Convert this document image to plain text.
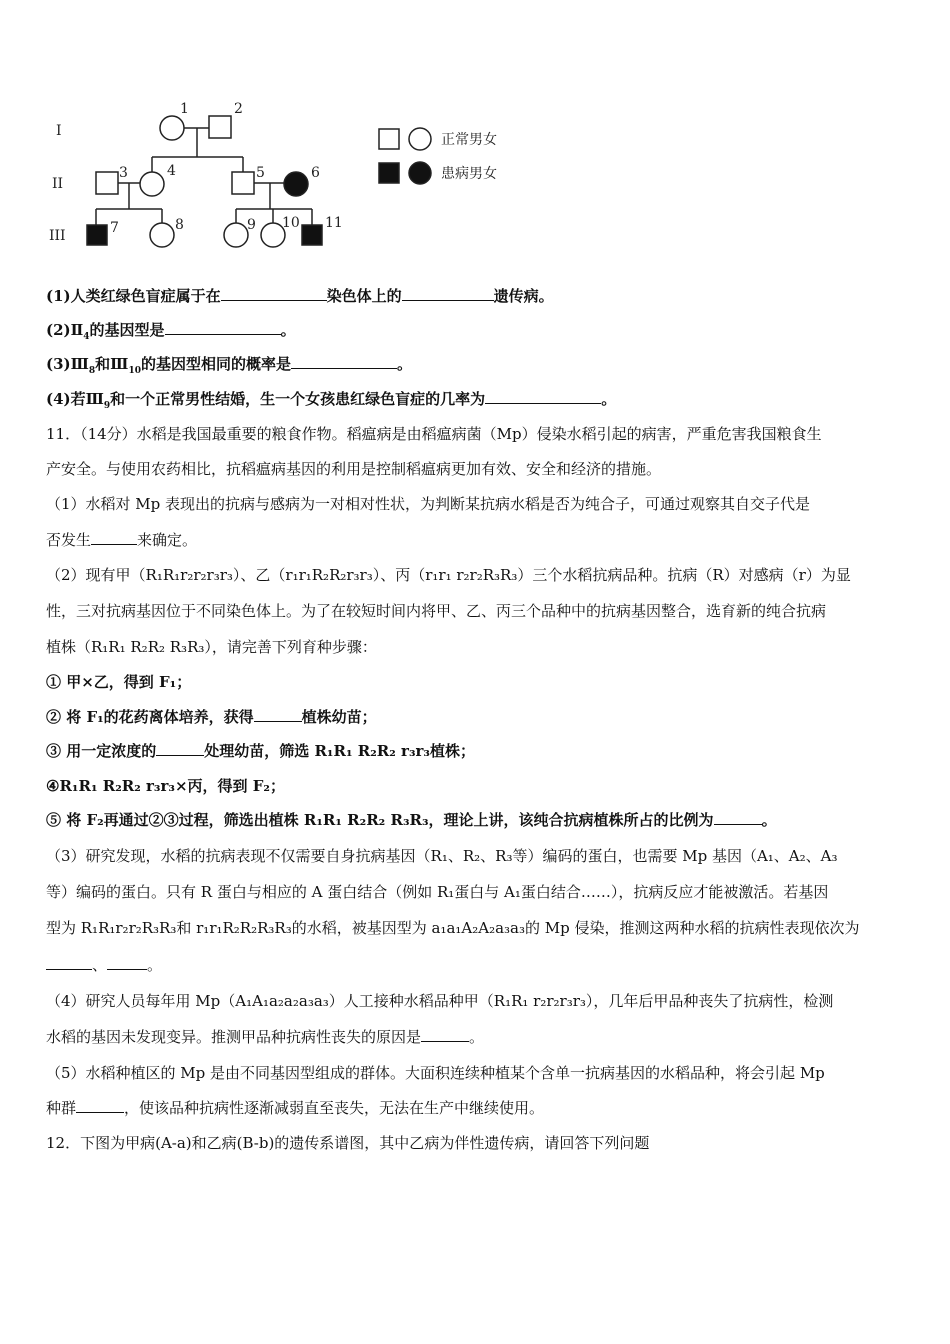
I
II
III
1	2
3	4	5	6
7	8	9 10 11
正常男女
患病男女
(1)人类红绿色盲症属于在	染色体上的	遗传病。
$(2)Ⅱ_4$的基因型是	。
$(3)Ⅲ_8$和$Ⅲ_{10}$的基因型相同的概率是	。
(4)若$Ⅲ_9$和一个正常男性结婚，生一个女孩患红绿色盲症的几率为	。
11．（14分）水稻是我国最重要的粮食作物。稻瘟病是由稻瘟病菌（Mp）侵染水稻引起的病害，严重危害我国粮食生
产安全。与使用农药相比，抗稻瘟病基因的利用是控制稻瘟病更加有效、安全和经济的措施。
（1）水稻对 Mp 表现出的抗病与感病为一对相对性状，为判断某抗病水稻是否为纯合子，可通过观察其自交子代是
否发生	来确定。
（2）现有甲（R₁R₁r₂r₂r₃r₃）、乙（r₁r₁R₂R₂r₃r₃）、丙（r₁r₁ r₂r₂R₃R₃）三个水稻抗病品种。抗病（R）对感病（r）为显
性，三对抗病基因位于不同染色体上。为了在较短时间内将甲、乙、丙三个品种中的抗病基因整合，选育新的纯合抗病
植株（R₁R₁ R₂R₂ R₃R₃），请完善下列育种步骤：
① 甲×乙，得到 F₁；
② 将 F₁的花药离体培养，获得	植株幼苗；
③ 用一定浓度的	处理幼苗，筛选 R₁R₁ R₂R₂ r₃r₃植株；
④R₁R₁ R₂R₂ r₃r₃×丙，得到 F₂；
⑤ 将 F₂再通过②③过程，筛选出植株 R₁R₁ R₂R₂ R₃R₃，理论上讲，该纯合抗病植株所占的比例为	。
（3）研究发现，水稻的抗病表现不仅需要自身抗病基因（R₁、R₂、R₃等）编码的蛋白，也需要 Mp 基因（A₁、A₂、A₃
等）编码的蛋白。只有 R 蛋白与相应的 A 蛋白结合（例如 R₁蛋白与 A₁蛋白结合……），抗病反应才能被激活。若基因
型为 R₁R₁r₂r₂R₃R₃和 r₁r₁R₂R₂R₃R₃的水稻，被基因型为 a₁a₁A₂A₂a₃a₃的 Mp 侵染，推测这两种水稻的抗病性表现依次为
、	。
（4）研究人员每年用 Mp（A₁A₁a₂a₂a₃a₃）人工接种水稻品种甲（R₁R₁ r₂r₂r₃r₃），几年后甲品种丧失了抗病性，检测
水稻的基因未发现变异。推测甲品种抗病性丧失的原因是	。
（5）水稻种植区的 Mp 是由不同基因型组成的群体。大面积连续种植某个含单一抗病基因的水稻品种，将会引起 Mp
种群	，使该品种抗病性逐渐减弱直至丧失，无法在生产中继续使用。
12．下图为甲病(A-a)和乙病(B-b)的遗传系谱图，其中乙病为伴性遗传病，请回答下列问题
